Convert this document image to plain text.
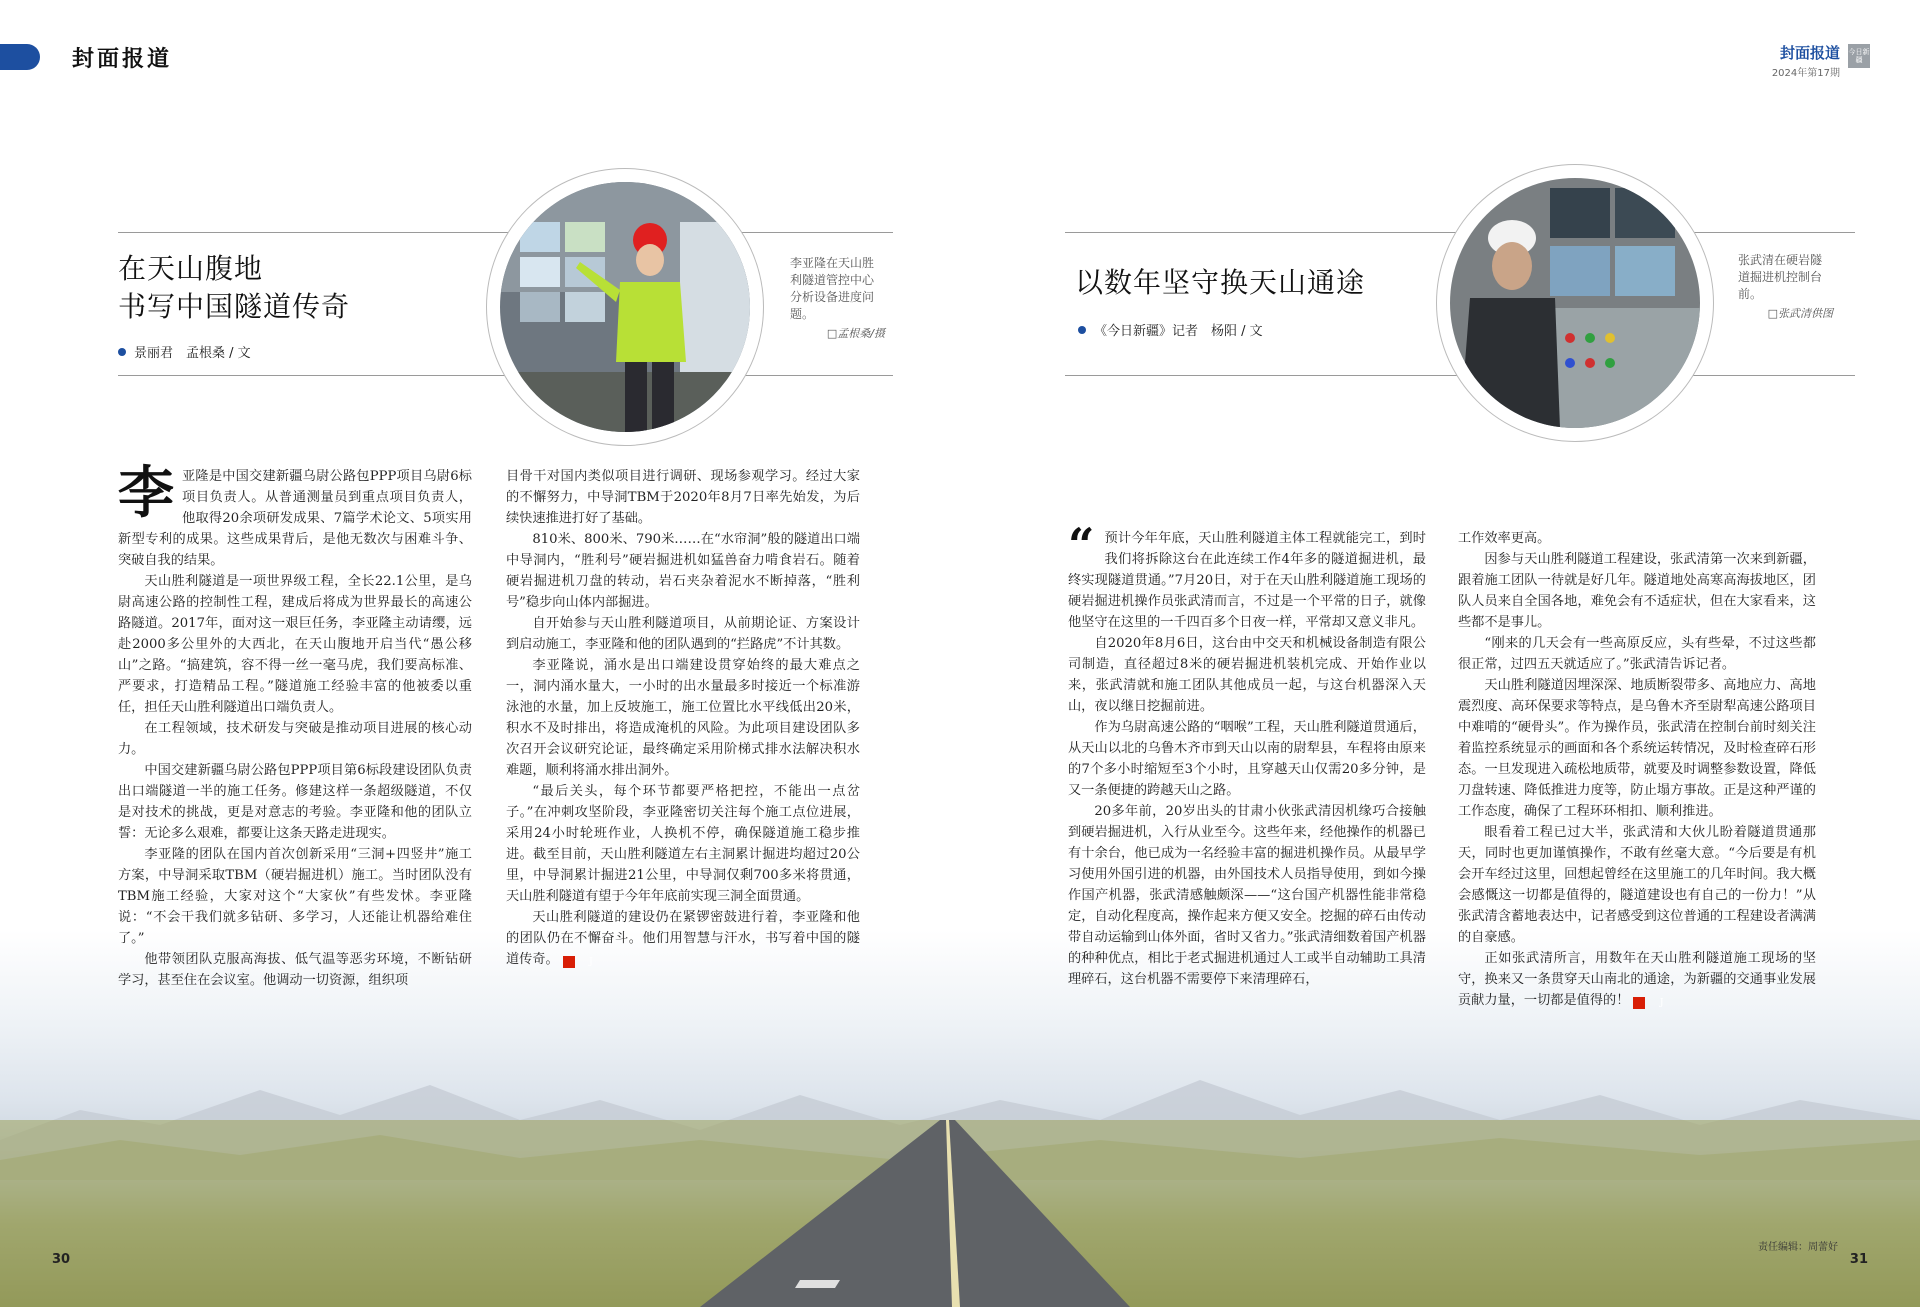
封面报道	封面报道
2024年第17期
今日新疆
在天山腹地
书写中国隧道传奇
景丽君　孟根桑 / 文
李亚隆在天山胜利隧道管控中心分析设备进度问题。
□孟根桑/摄
以数年坚守换天山通途
《今日新疆》记者　杨阳 / 文
张武清在硬岩隧道掘进机控制台前。
□张武清供图

李亚隆是中国交建新疆乌尉公路包PPP项目乌尉6标项目负责人。从普通测量员到重点项目负责人，他取得20余项研发成果、7篇学术论文、5项实用新型专利的成果。这些成果背后，是他无数次与困难斗争、突破自我的结果。

天山胜利隧道是一项世界级工程，全长22.1公里，是乌尉高速公路的控制性工程，建成后将成为世界最长的高速公路隧道。2017年，面对这一艰巨任务，李亚隆主动请缨，远赴2000多公里外的大西北，在天山腹地开启当代“愚公移山”之路。“搞建筑，容不得一丝一毫马虎，我们要高标准、严要求，打造精品工程。”隧道施工经验丰富的他被委以重任，担任天山胜利隧道出口端负责人。

在工程领域，技术研发与突破是推动项目进展的核心动力。

中国交建新疆乌尉公路包PPP项目第6标段建设团队负责出口端隧道一半的施工任务。修建这样一条超级隧道，不仅是对技术的挑战，更是对意志的考验。李亚隆和他的团队立誓：无论多么艰难，都要让这条天路走进现实。

李亚隆的团队在国内首次创新采用“三洞+四竖井”施工方案，中导洞采取TBM（硬岩掘进机）施工。当时团队没有TBM施工经验，大家对这个“大家伙”有些发怵。李亚隆说：“不会干我们就多钻研、多学习，人还能让机器给难住了。”

他带领团队克服高海拔、低气温等恶劣环境，不断钻研学习，甚至住在会议室。他调动一切资源，组织项

目骨干对国内类似项目进行调研、现场参观学习。经过大家的不懈努力，中导洞TBM于2020年8月7日率先始发，为后续快速推进打好了基础。

810米、800米、790米……在“水帘洞”般的隧道出口端中导洞内，“胜利号”硬岩掘进机如猛兽奋力啃食岩石。随着硬岩掘进机刀盘的转动，岩石夹杂着泥水不断掉落，“胜利号”稳步向山体内部掘进。

自开始参与天山胜利隧道项目，从前期论证、方案设计到启动施工，李亚隆和他的团队遇到的“拦路虎”不计其数。

李亚隆说，涌水是出口端建设贯穿始终的最大难点之一，洞内涌水量大，一小时的出水量最多时接近一个标准游泳池的水量，加上反坡施工，施工位置比水平线低出20米，积水不及时排出，将造成淹机的风险。为此项目建设团队多次召开会议研究论证，最终确定采用阶梯式排水法解决积水难题，顺利将涌水排出洞外。

“最后关头，每个环节都要严格把控，不能出一点岔子。”在冲刺攻坚阶段，李亚隆密切关注每个施工点位进展，采用24小时轮班作业，人换机不停，确保隧道施工稳步推进。截至目前，天山胜利隧道左右主洞累计掘进均超过20公里，中导洞累计掘进21公里，中导洞仅剩700多米将贯通，天山胜利隧道有望于今年年底前实现三洞全面贯通。

天山胜利隧道的建设仍在紧锣密鼓进行着，李亚隆和他的团队仍在不懈奋斗。他们用智慧与汗水，书写着中国的隧道传奇。	J

“ 预计今年年底，天山胜利隧道主体工程就能完工，到时我们将拆除这台在此连续工作4年多的隧道掘进机，最终实现隧道贯通。”7月20日，对于在天山胜利隧道施工现场的硬岩掘进机操作员张武清而言，不过是一个平常的日子，就像他坚守在这里的一千四百多个日夜一样，平常却又意义非凡。

自2020年8月6日，这台由中交天和机械设备制造有限公司制造，直径超过8米的硬岩掘进机装机完成、开始作业以来，张武清就和施工团队其他成员一起，与这台机器深入天山，夜以继日挖掘前进。

作为乌尉高速公路的“咽喉”工程，天山胜利隧道贯通后，从天山以北的乌鲁木齐市到天山以南的尉犁县，车程将由原来的7个多小时缩短至3个小时，且穿越天山仅需20多分钟，是又一条便捷的跨越天山之路。

20多年前，20岁出头的甘肃小伙张武清因机缘巧合接触到硬岩掘进机，入行从业至今。这些年来，经他操作的机器已有十余台，他已成为一名经验丰富的掘进机操作员。从最早学习使用外国引进的机器，由外国技术人员指导使用，到如今操作国产机器，张武清感触颇深——“这台国产机器性能非常稳定，自动化程度高，操作起来方便又安全。挖掘的碎石由传动带自动运输到山体外面，省时又省力。”张武清细数着国产机器的种种优点，相比于老式掘进机通过人工或半自动辅助工具清理碎石，这台机器不需要停下来清理碎石，

工作效率更高。

因参与天山胜利隧道工程建设，张武清第一次来到新疆，跟着施工团队一待就是好几年。隧道地处高寒高海拔地区，团队人员来自全国各地，难免会有不适症状，但在大家看来，这些都不是事儿。

“刚来的几天会有一些高原反应，头有些晕，不过这些都很正常，过四五天就适应了。”张武清告诉记者。

天山胜利隧道因埋深深、地质断裂带多、高地应力、高地震烈度、高环保要求等特点，是乌鲁木齐至尉犁高速公路项目中难啃的“硬骨头”。作为操作员，张武清在控制台前时刻关注着监控系统显示的画面和各个系统运转情况，及时检查碎石形态。一旦发现进入疏松地质带，就要及时调整参数设置，降低刀盘转速、降低推进力度等，防止塌方事故。正是这种严谨的工作态度，确保了工程环环相扣、顺利推进。

眼看着工程已过大半，张武清和大伙儿盼着隧道贯通那天，同时也更加谨慎操作，不敢有丝毫大意。“今后要是有机会开车经过这里，回想起曾经在这里施工的几年时间。我大概会感慨这一切都是值得的，隧道建设也有自己的一份力！”从张武清含蓄地表达中，记者感受到这位普通的工程建设者满满的自豪感。

正如张武清所言，用数年在天山胜利隧道施工现场的坚守，换来又一条贯穿天山南北的通途，为新疆的交通事业发展贡献力量，一切都是值得的！	J

30	31
责任编辑：周蕾好
